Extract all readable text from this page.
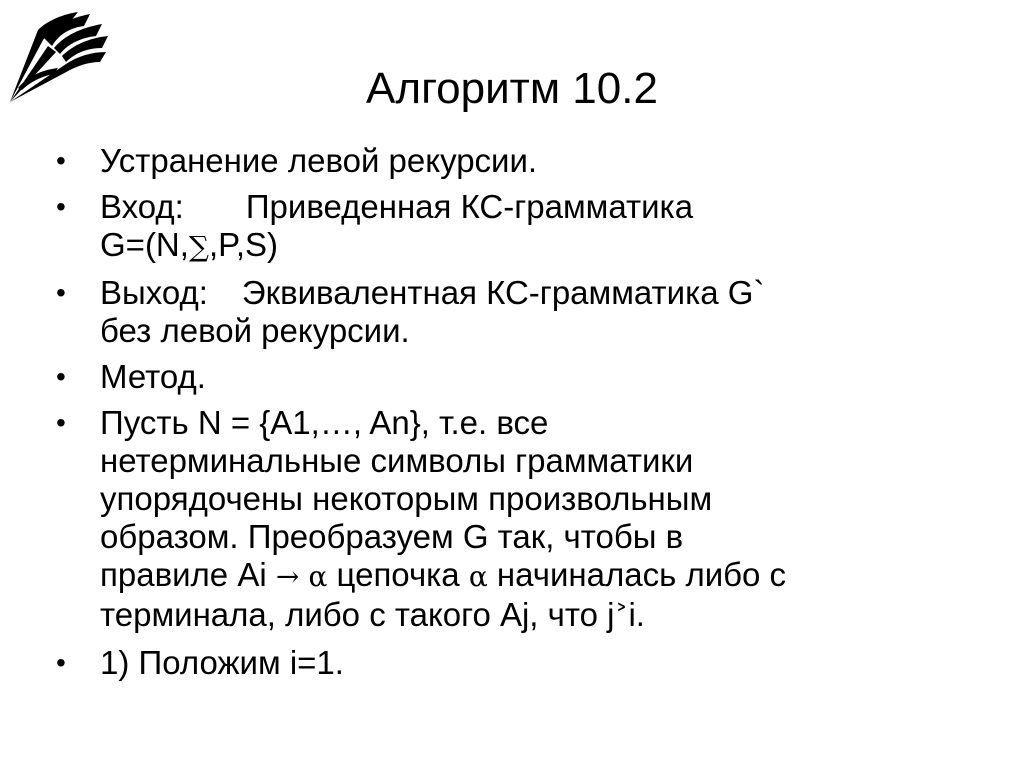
Алгоритм 10.2
•	Устранение левой рекурсии.
•	Вход: Приведенная КС-грамматика
G=(N,∑,P,S)
•	Выход: Эквивалентная КС-грамматика G`
без левой рекурсии.
•	Метод.
•	Пусть N = {A1,…, An}, т.е. все
нетерминальные символы грамматики
упорядочены некоторым произвольным
образом. Преобразуем G так, чтобы в
правиле Ai → α цепочка α начиналась либо с
терминала, либо с такого Aj, что j˃i.
•	1) Положим i=1.
